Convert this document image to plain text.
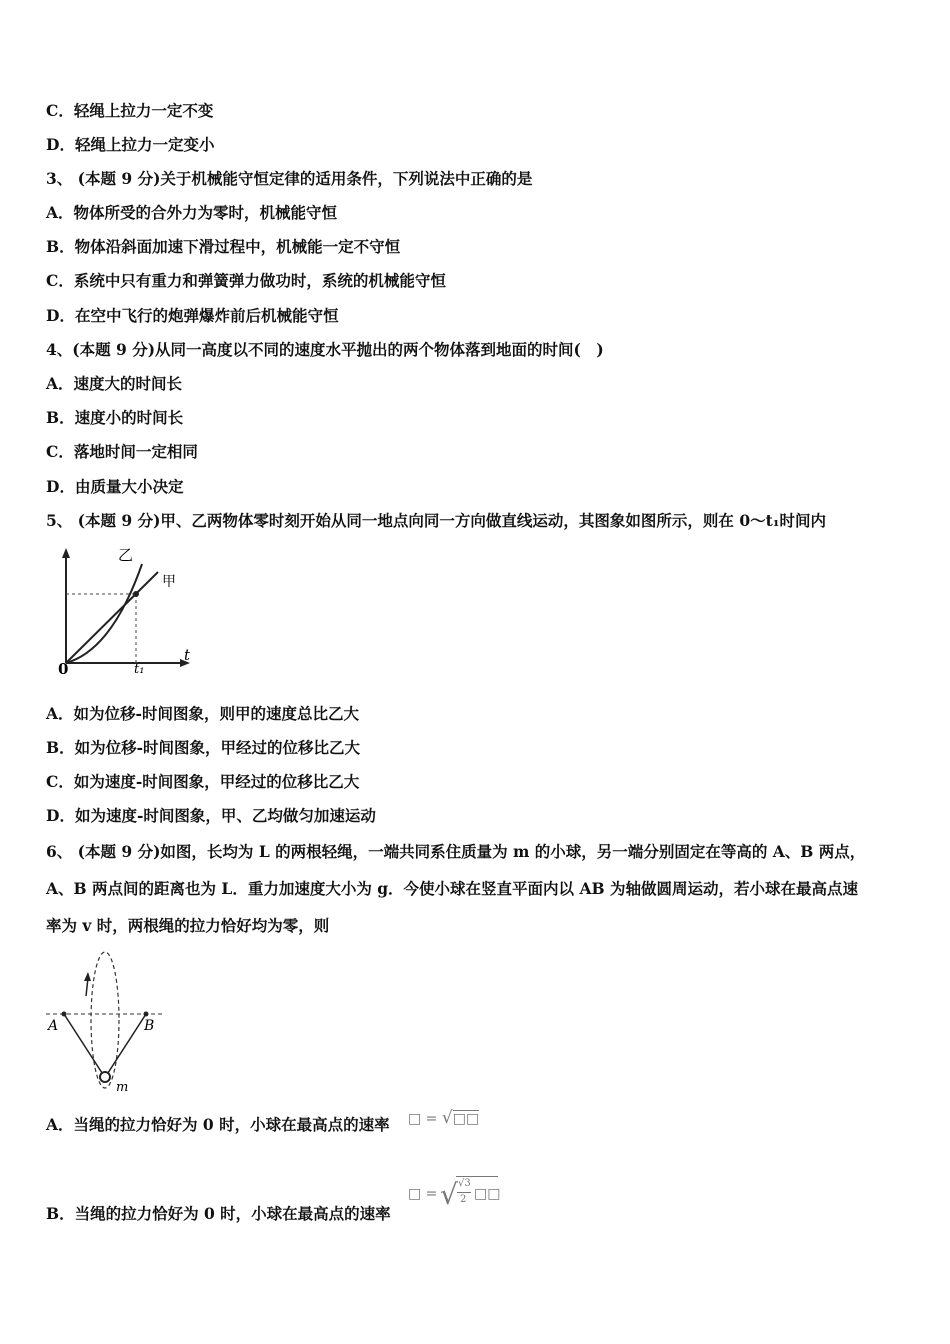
C．轻绳上拉力一定不变
D．轻绳上拉力一定变小
3、 (本题 9 分)关于机械能守恒定律的适用条件，下列说法中正确的是
A．物体所受的合外力为零时，机械能守恒
B．物体沿斜面加速下滑过程中，机械能一定不守恒
C．系统中只有重力和弹簧弹力做功时，系统的机械能守恒
D．在空中飞行的炮弹爆炸前后机械能守恒
4、(本题 9 分)从同一高度以不同的速度水平抛出的两个物体落到地面的时间(　)
A．速度大的时间长
B．速度小的时间长
C．落地时间一定相同
D．由质量大小决定
5、 (本题 9 分)甲、乙两物体零时刻开始从同一地点向同一方向做直线运动，其图象如图所示，则在 0～t₁时间内
乙
甲
0	t₁
t
A．如为位移-时间图象，则甲的速度总比乙大
B．如为位移-时间图象，甲经过的位移比乙大
C．如为速度-时间图象，甲经过的位移比乙大
D．如为速度-时间图象，甲、乙均做匀加速运动
6、 (本题 9 分)如图，长均为 L 的两根轻绳，一端共同系住质量为 m 的小球，另一端分别固定在等高的 A、B 两点，
A、B 两点间的距离也为 L．重力加速度大小为 g．今使小球在竖直平面内以 AB 为轴做圆周运动，若小球在最高点速
率为 v 时，两根绳的拉力恰好均为零，则
A	B
m
A．当绳的拉力恰好为 0 时，小球在最高点的速率 □ = √□□
B．当绳的拉力恰好为 0 时，小球在最高点的速率
□ = √ √3
2 □□
